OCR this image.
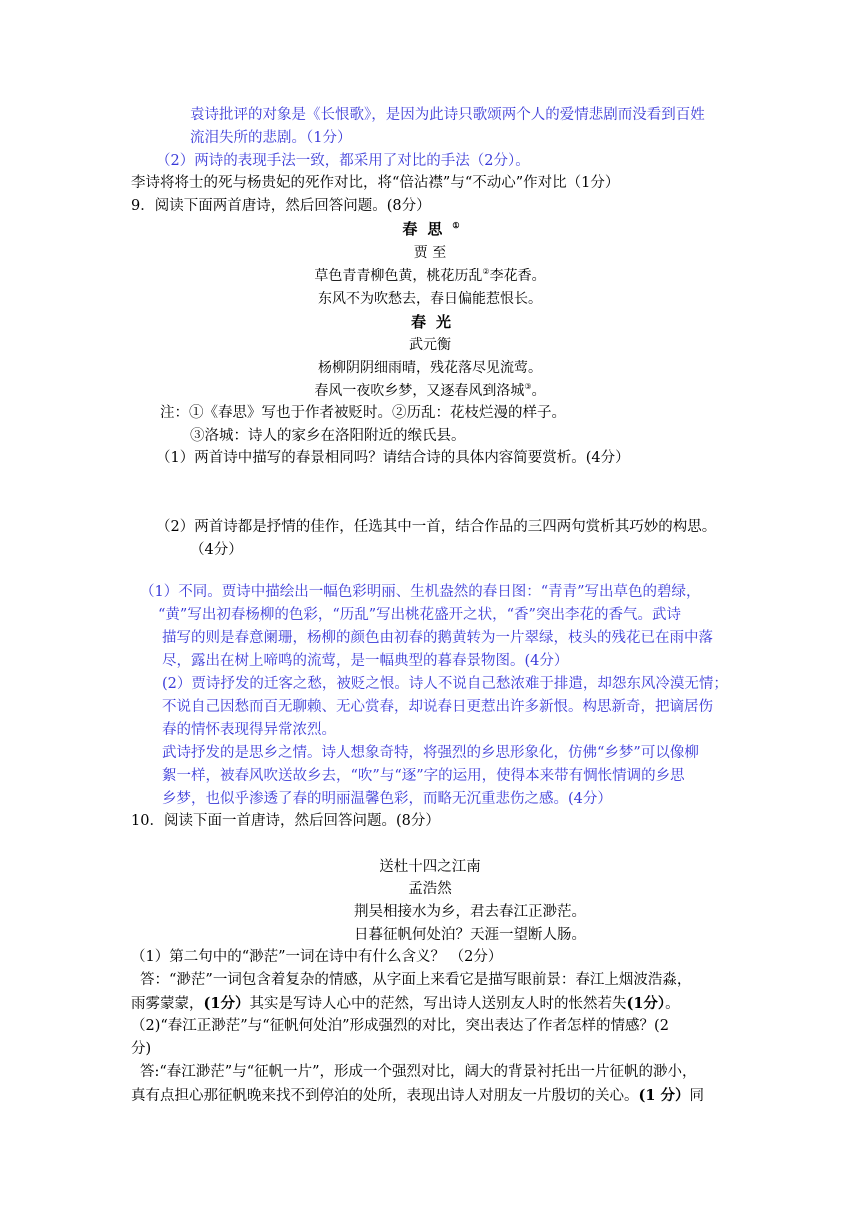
袁诗批评的对象是《长恨歌》，是因为此诗只歌颂两个人的爱情悲剧而没看到百姓
流泪失所的悲剧。（1分）
（2）两诗的表现手法一致，都采用了对比的手法（2分）。
李诗将将士的死与杨贵妃的死作对比，将“倍沾襟”与“不动心”作对比（1分）
9．阅读下面两首唐诗，然后回答问题。(8分）
春思①
贾 至
草色青青柳色黄，桃花历乱②李花香。
东风不为吹愁去，春日偏能惹恨长。
春光
武元衡
杨柳阴阴细雨晴，残花落尽见流莺。
春风一夜吹乡梦，又逐春风到洛城③。
注：①《春思》写也于作者被贬时。②历乱：花枝烂漫的样子。
③洛城：诗人的家乡在洛阳附近的缑氏县。
（1）两首诗中描写的春景相同吗？请结合诗的具体内容简要赏析。(4分）
（2）两首诗都是抒情的佳作，任选其中一首，结合作品的三四两句赏析其巧妙的构思。
（4分）
（1）不同。贾诗中描绘出一幅色彩明丽、生机盎然的春日图：“青青”写出草色的碧绿，
“黄”写出初春杨柳的色彩，“历乱”写出桃花盛开之状，“香”突出李花的香气。武诗
描写的则是春意阑珊，杨柳的颜色由初春的鹅黄转为一片翠绿，枝头的残花已在雨中落
尽，露出在树上啼鸣的流莺，是一幅典型的暮春景物图。(4分）
(2）贾诗抒发的迁客之愁，被贬之恨。诗人不说自己愁浓难于排遣，却怨东风冷漠无情；
不说自己因愁而百无聊赖、无心赏春，却说春日更惹出许多新恨。构思新奇，把谪居伤
春的情怀表现得异常浓烈。
武诗抒发的是思乡之情。诗人想象奇特，将强烈的乡思形象化，仿佛“乡梦”可以像柳
絮一样，被春风吹送故乡去，“吹”与“逐”字的运用，使得本来带有惆怅情调的乡思
乡梦，也似乎渗透了春的明丽温馨色彩，而略无沉重悲伤之感。(4分）
10．阅读下面一首唐诗，然后回答问题。(8分）
送杜十四之江南
孟浩然
荆吴相接水为乡，君去春江正渺茫。
日暮征帆何处泊？天涯一望断人肠。
（1）第二句中的“渺茫”一词在诗中有什么含义？ （2分）
答：“渺茫”一词包含着复杂的情感，从字面上来看它是描写眼前景：春江上烟波浩淼，
雨雾蒙蒙，(1分）其实是写诗人心中的茫然，写出诗人送别友人时的怅然若失(1分）。
（2)“春江正渺茫”与“征帆何处泊”形成强烈的对比，突出表达了作者怎样的情感？(2
分)
答:“春江渺茫”与“征帆一片”，形成一个强烈对比，阔大的背景衬托出一片征帆的渺小，
真有点担心那征帆晚来找不到停泊的处所，表现出诗人对朋友一片殷切的关心。(1 分）同
